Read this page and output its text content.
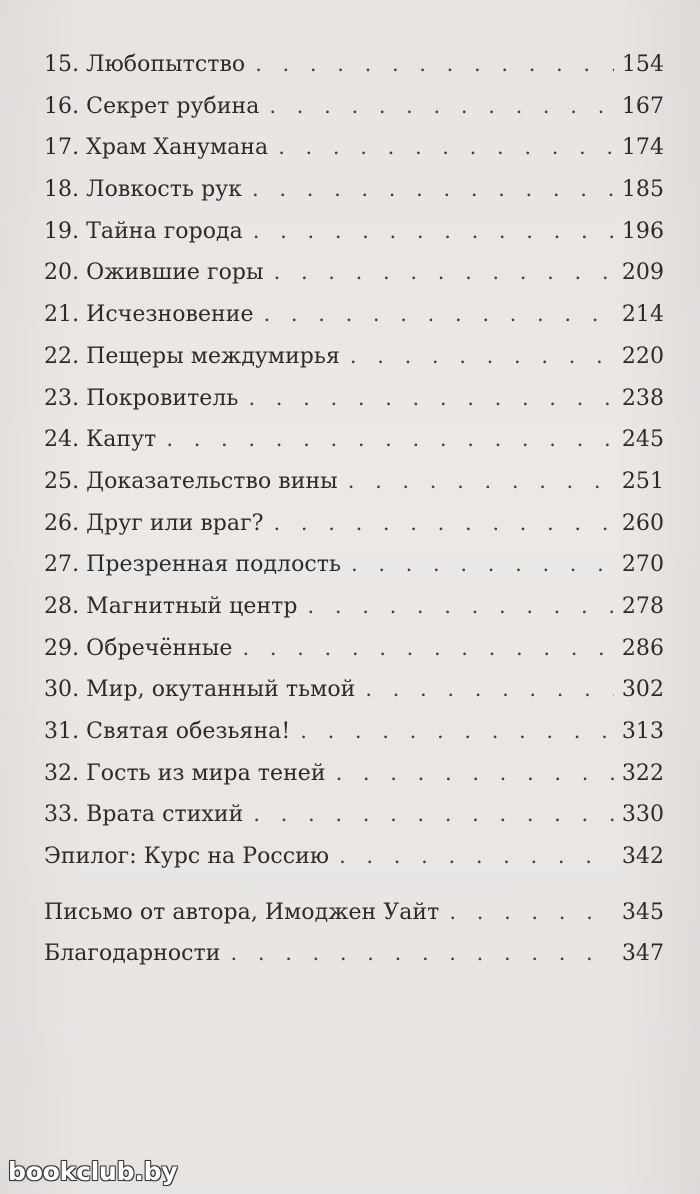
15. Любопытство . . .	154
16. Секрет рубина . . .	167
17. Храм Ханумана . . .	174
18. Ловкость рук . . .	185
19. Тайна города . . .	196
20. Ожившие горы . . .	209
21. Исчезновение . . .	214
22. Пещеры междумирья . . .	220
23. Покровитель . . .	238
24. Капут . . .	245
25. Доказательство вины . . .	251
26. Друг или враг? . . .	260
27. Презренная подлость . . .	270
28. Магнитный центр . . .	278
29. Обречённые . . .	286
30. Мир, окутанный тьмой . . .	302
31. Святая обезьяна! . . .	313
32. Гость из мира теней . . .	322
33. Врата стихий . . .	330
Эпилог: Курс на Россию . . .	342
Письмо от автора, Имоджен Уайт . . .	345
Благодарности . . .	347
bookclub.by
